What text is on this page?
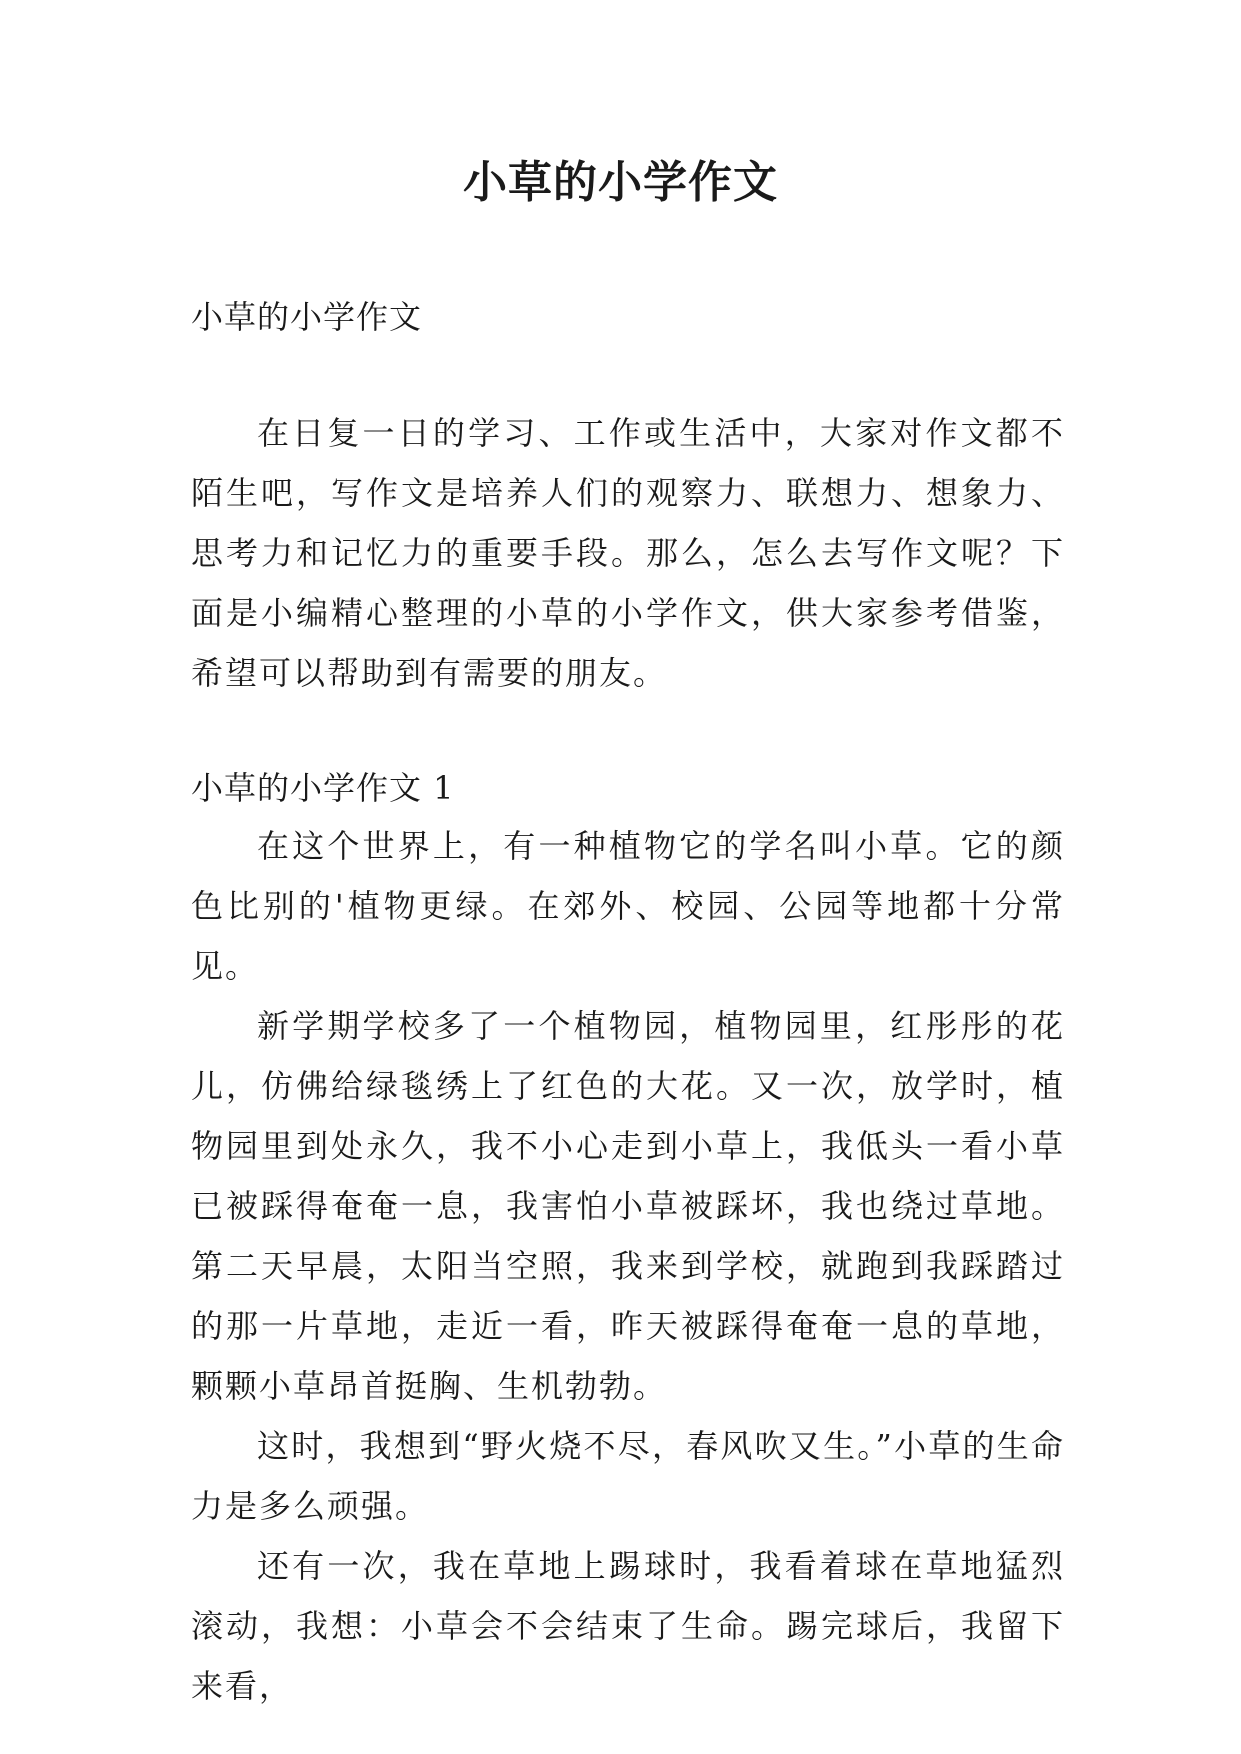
小草的小学作文

小草的小学作文

在日复一日的学习、工作或生活中，大家对作文都不陌生吧，写作文是培养人们的观察力、联想力、想象力、思考力和记忆力的重要手段。那么，怎么去写作文呢？下面是小编精心整理的小草的小学作文，供大家参考借鉴，希望可以帮助到有需要的朋友。

小草的小学作文 1

在这个世界上，有一种植物它的学名叫小草。它的颜色比别的'植物更绿。在郊外、校园、公园等地都十分常见。

新学期学校多了一个植物园，植物园里，红彤彤的花儿，仿佛给绿毯绣上了红色的大花。又一次，放学时，植物园里到处永久，我不小心走到小草上，我低头一看小草已被踩得奄奄一息，我害怕小草被踩坏，我也绕过草地。第二天早晨，太阳当空照，我来到学校，就跑到我踩踏过的那一片草地，走近一看，昨天被踩得奄奄一息的草地，颗颗小草昂首挺胸、生机勃勃。

这时，我想到“野火烧不尽，春风吹又生。”小草的生命力是多么顽强。

还有一次，我在草地上踢球时，我看着球在草地猛烈滚动，我想：小草会不会结束了生命。踢完球后，我留下来看，
